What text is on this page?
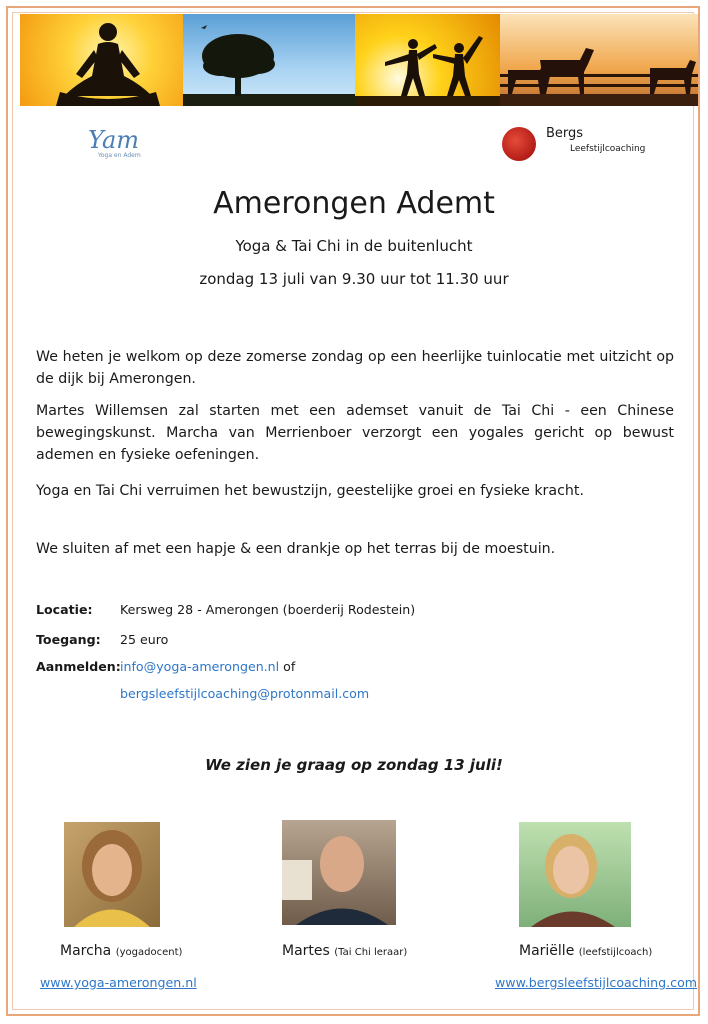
Yam
Yoga en Adem
Bergs
Leefstijlcoaching
Amerongen Ademt
Yoga & Tai Chi in de buitenlucht
zondag 13 juli van 9.30 uur tot 11.30 uur
We heten je welkom op deze zomerse zondag op een heerlijke tuinlocatie met uitzicht op de dijk bij Amerongen.
Martes Willemsen zal starten met een ademset vanuit de Tai Chi - een Chinese bewegingskunst. Marcha van Merrienboer verzorgt een yogales gericht op bewust ademen en fysieke oefeningen.
Yoga en Tai Chi verruimen het bewustzijn, geestelijke groei en fysieke kracht.
We sluiten af met een hapje & een drankje op het terras bij de moestuin.
Locatie: Kersweg 28 - Amerongen (boerderij Rodestein)
Toegang: 25 euro
Aanmelden: info@yoga-amerongen.nl of
bergsleefstijlcoaching@protonmail.com
We zien je graag op zondag 13 juli!
Marcha (yogadocent)	Martes (Tai Chi leraar)	Mariëlle (leefstijlcoach)
www.yoga-amerongen.nl	www.bergsleefstijlcoaching.com
